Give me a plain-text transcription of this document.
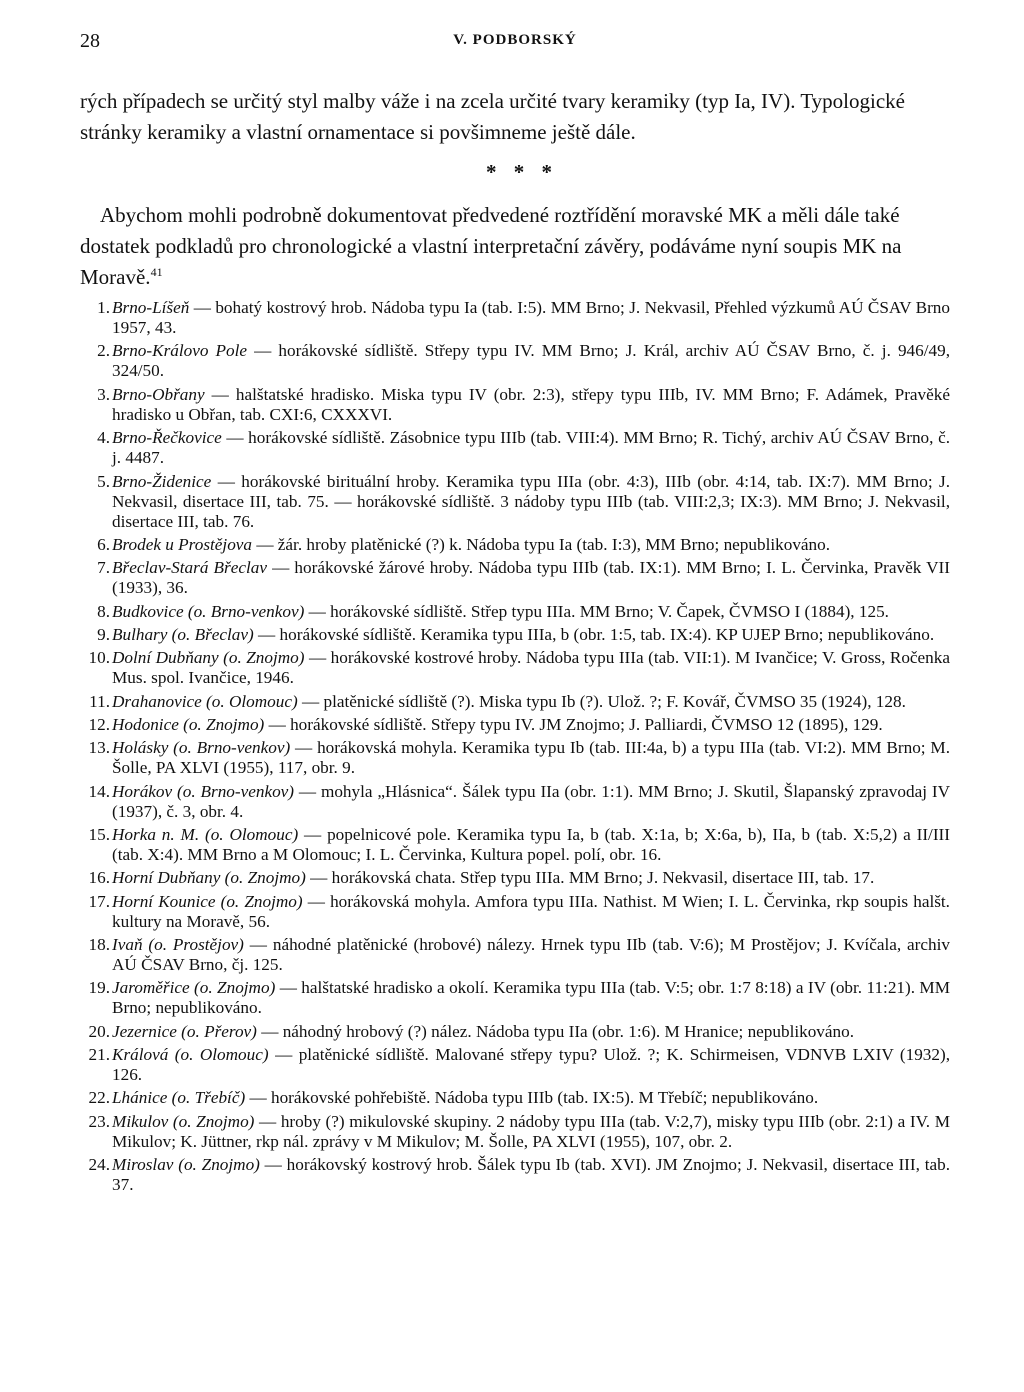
28	V. PODBORSKÝ
rých případech se určitý styl malby váže i na zcela určité tvary keramiky (typ Ia, IV). Typologické stránky keramiky a vlastní ornamentace si povšimneme ještě dále.
* * *
Abychom mohli podrobně dokumentovat předvedené roztřídění moravské MK a měli dále také dostatek podkladů pro chronologické a vlastní interpretační závěry, podáváme nyní soupis MK na Moravě.$^{41}$
1. Brno-Líšeň — bohatý kostrový hrob. Nádoba typu Ia (tab. I:5). MM Brno; J. Nekvasil, Přehled výzkumů AÚ ČSAV Brno 1957, 43.
2. Brno-Královo Pole — horákovské sídliště. Střepy typu IV. MM Brno; J. Král, archiv AÚ ČSAV Brno, č. j. 946/49, 324/50.
3. Brno-Obřany — halštatské hradisko. Miska typu IV (obr. 2:3), střepy typu IIIb, IV. MM Brno; F. Adámek, Pravěké hradisko u Obřan, tab. CXI:6, CXXXVI.
4. Brno-Řečkovice — horákovské sídliště. Zásobnice typu IIIb (tab. VIII:4). MM Brno; R. Tichý, archiv AÚ ČSAV Brno, č. j. 4487.
5. Brno-Židenice — horákovské birituální hroby. Keramika typu IIIa (obr. 4:3), IIIb (obr. 4:14, tab. IX:7). MM Brno; J. Nekvasil, disertace III, tab. 75. — horákovské sídliště. 3 nádoby typu IIIb (tab. VIII:2,3; IX:3). MM Brno; J. Nekvasil, disertace III, tab. 76.
6. Brodek u Prostějova — žár. hroby platěnické (?) k. Nádoba typu Ia (tab. I:3), MM Brno; nepublikováno.
7. Břeclav-Stará Břeclav — horákovské žárové hroby. Nádoba typu IIIb (tab. IX:1). MM Brno; I. L. Červinka, Pravěk VII (1933), 36.
8. Budkovice (o. Brno-venkov) — horákovské sídliště. Střep typu IIIa. MM Brno; V. Čapek, ČVMSO I (1884), 125.
9. Bulhary (o. Břeclav) — horákovské sídliště. Keramika typu IIIa, b (obr. 1:5, tab. IX:4). KP UJEP Brno; nepublikováno.
10. Dolní Dubňany (o. Znojmo) — horákovské kostrové hroby. Nádoba typu IIIa (tab. VII:1). M Ivančice; V. Gross, Ročenka Mus. spol. Ivančice, 1946.
11. Drahanovice (o. Olomouc) — platěnické sídliště (?). Miska typu Ib (?). Ulož. ?; F. Kovář, ČVMSO 35 (1924), 128.
12. Hodonice (o. Znojmo) — horákovské sídliště. Střepy typu IV. JM Znojmo; J. Palliardi, ČVMSO 12 (1895), 129.
13. Holásky (o. Brno-venkov) — horákovská mohyla. Keramika typu Ib (tab. III:4a, b) a typu IIIa (tab. VI:2). MM Brno; M. Šolle, PA XLVI (1955), 117, obr. 9.
14. Horákov (o. Brno-venkov) — mohyla „Hlásnica“. Šálek typu IIa (obr. 1:1). MM Brno; J. Skutil, Šlapanský zpravodaj IV (1937), č. 3, obr. 4.
15. Horka n. M. (o. Olomouc) — popelnicové pole. Keramika typu Ia, b (tab. X:1a, b; X:6a, b), IIa, b (tab. X:5,2) a II/III (tab. X:4). MM Brno a M Olomouc; I. L. Červinka, Kultura popel. polí, obr. 16.
16. Horní Dubňany (o. Znojmo) — horákovská chata. Střep typu IIIa. MM Brno; J. Nekvasil, disertace III, tab. 17.
17. Horní Kounice (o. Znojmo) — horákovská mohyla. Amfora typu IIIa. Nathist. M Wien; I. L. Červinka, rkp soupis halšt. kultury na Moravě, 56.
18. Ivaň (o. Prostějov) — náhodné platěnické (hrobové) nálezy. Hrnek typu IIb (tab. V:6); M Prostějov; J. Kvíčala, archiv AÚ ČSAV Brno, čj. 125.
19. Jaroměřice (o. Znojmo) — halštatské hradisko a okolí. Keramika typu IIIa (tab. V:5; obr. 1:7 8:18) a IV (obr. 11:21). MM Brno; nepublikováno.
20. Jezernice (o. Přerov) — náhodný hrobový (?) nález. Nádoba typu IIa (obr. 1:6). M Hranice; nepublikováno.
21. Králová (o. Olomouc) — platěnické sídliště. Malované střepy typu? Ulož. ?; K. Schirmeisen, VDNVB LXIV (1932), 126.
22. Lhánice (o. Třebíč) — horákovské pohřebiště. Nádoba typu IIIb (tab. IX:5). M Třebíč; nepublikováno.
23. Mikulov (o. Znojmo) — hroby (?) mikulovské skupiny. 2 nádoby typu IIIa (tab. V:2,7), misky typu IIIb (obr. 2:1) a IV. M Mikulov; K. Jüttner, rkp nál. zprávy v M Mikulov; M. Šolle, PA XLVI (1955), 107, obr. 2.
24. Miroslav (o. Znojmo) — horákovský kostrový hrob. Šálek typu Ib (tab. XVI). JM Znojmo; J. Nekvasil, disertace III, tab. 37.
